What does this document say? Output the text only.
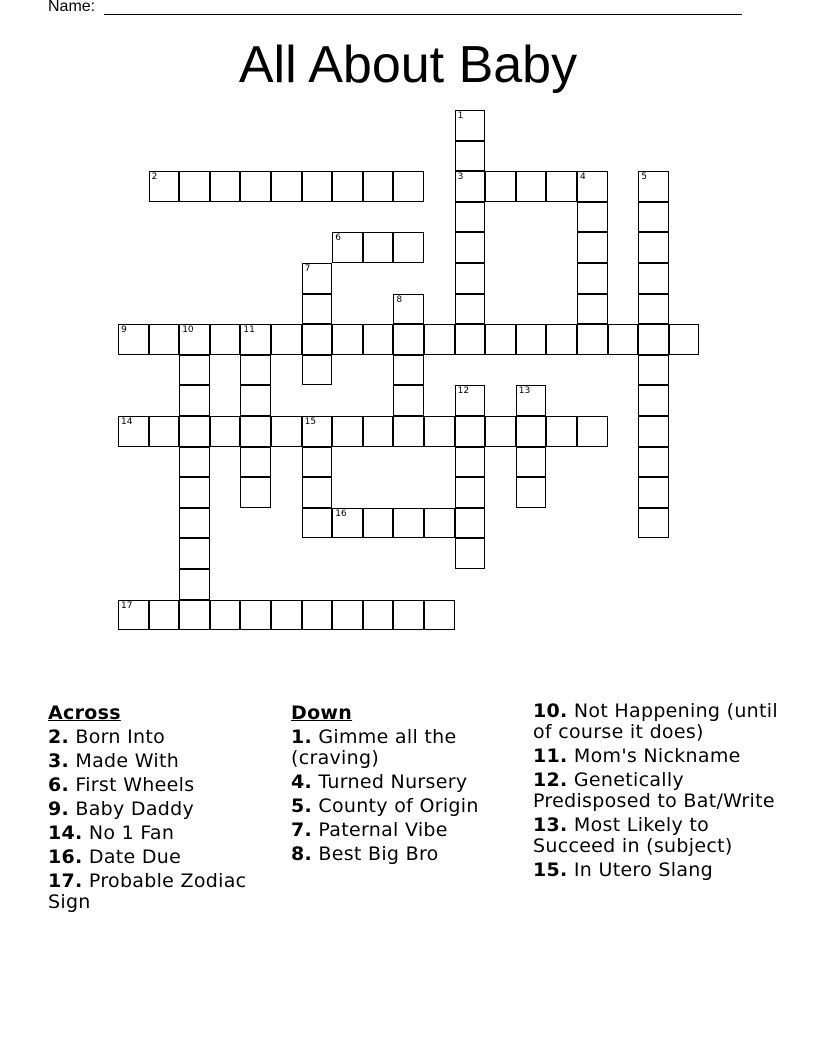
Name:
All About Baby
2	3
6
9	10	11
14	15
16
17
1
4	5
7
8
12	13
Across
2. Born Into
3. Made With
6. First Wheels
9. Baby Daddy
14. No 1 Fan
16. Date Due
17. Probable Zodiac Sign
Down
1. Gimme all the (craving)
4. Turned Nursery
5. County of Origin
7. Paternal Vibe
8. Best Big Bro
10. Not Happening (until of course it does)
11. Mom's Nickname
12. Genetically Predisposed to Bat/Write
13. Most Likely to Succeed in (subject)
15. In Utero Slang
